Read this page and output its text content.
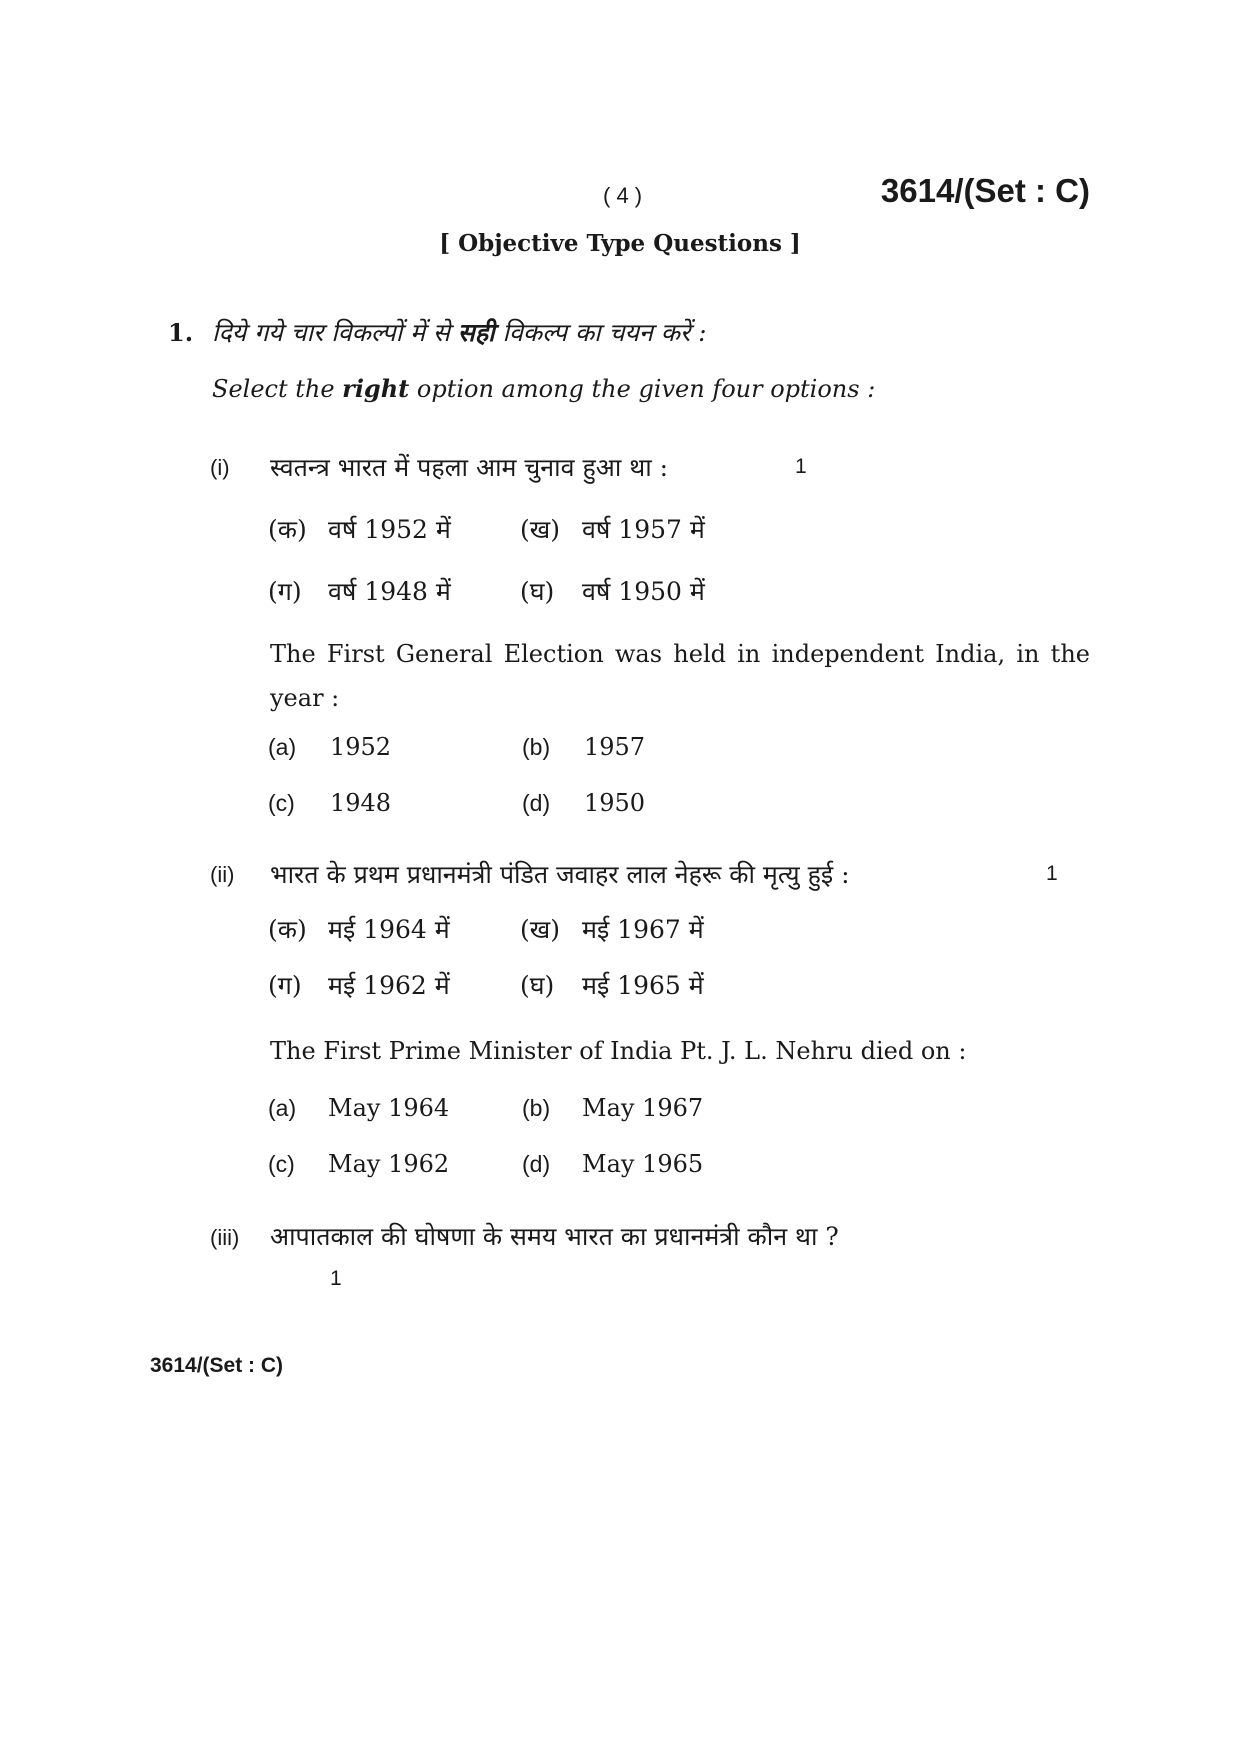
( 4 )	3614/(Set : C)
[ Objective Type Questions ]
1. दिये गये चार विकल्पों में से सही विकल्प का चयन करें :
Select the right option among the given four options :
(i) स्वतन्त्र भारत में पहला आम चुनाव हुआ था :	1
(क) वर्ष 1952 में	(ख) वर्ष 1957 में
(ग) वर्ष 1948 में	(घ) वर्ष 1950 में
The First General Election was held in independent India, in the year :
(a) 1952	(b) 1957
(c) 1948	(d) 1950
(ii) भारत के प्रथम प्रधानमंत्री पंडित जवाहर लाल नेहरू की मृत्यु हुई :	1
(क) मई 1964 में	(ख) मई 1967 में
(ग) मई 1962 में	(घ) मई 1965 में
The First Prime Minister of India Pt. J. L. Nehru died on :
(a) May 1964	(b) May 1967
(c) May 1962	(d) May 1965
(iii) आपातकाल की घोषणा के समय भारत का प्रधानमंत्री कौन था ?
1
3614/(Set : C)
